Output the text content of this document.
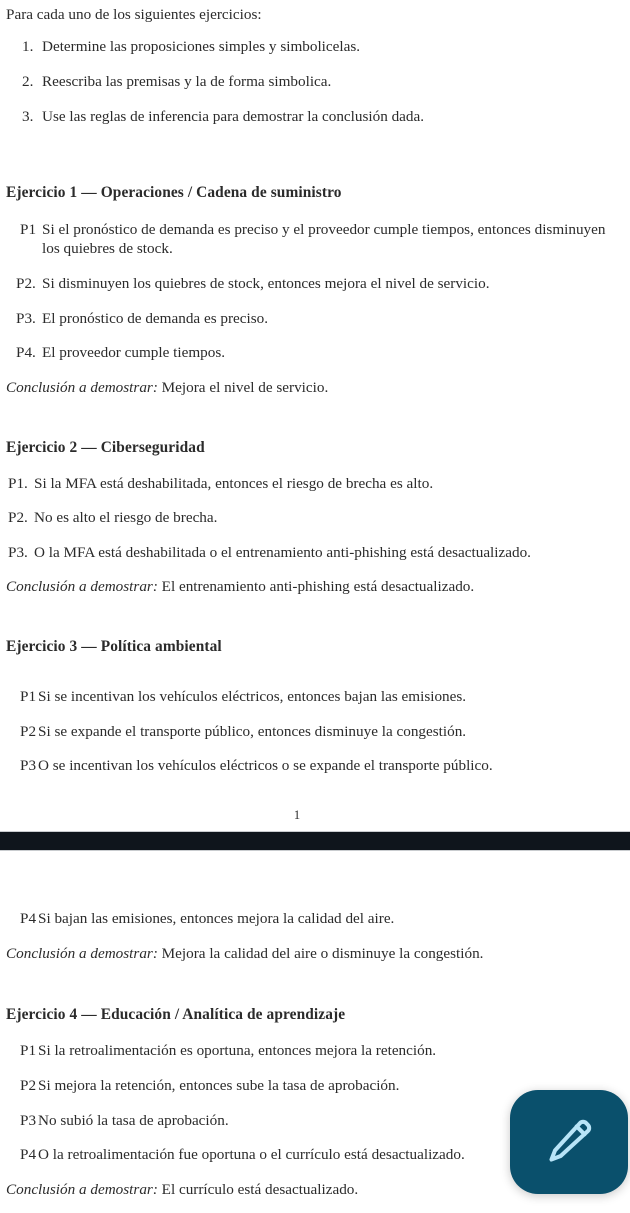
Para cada uno de los siguientes ejercicios:

1. Determine las proposiciones simples y simbolicelas.
2. Reescriba las premisas y la de forma simbolica.
3. Use las reglas de inferencia para demostrar la conclusión dada.
Ejercicio 1 — Operaciones / Cadena de suministro
P1 Si el pronóstico de demanda es preciso y el proveedor cumple tiempos, entonces disminuyen los quiebres de stock.
P2. Si disminuyen los quiebres de stock, entonces mejora el nivel de servicio.
P3. El pronóstico de demanda es preciso.
P4. El proveedor cumple tiempos.

Conclusión a demostrar: Mejora el nivel de servicio.

Ejercicio 2 — Ciberseguridad
P1. Si la MFA está deshabilitada, entonces el riesgo de brecha es alto.
P2. No es alto el riesgo de brecha.
P3. O la MFA está deshabilitada o el entrenamiento anti-phishing está desactualizado.

Conclusión a demostrar: El entrenamiento anti-phishing está desactualizado.

Ejercicio 3 — Política ambiental
P1 Si se incentivan los vehículos eléctricos, entonces bajan las emisiones.
P2 Si se expande el transporte público, entonces disminuye la congestión.
P3 O se incentivan los vehículos eléctricos o se expande el transporte público.
1
P4 Si bajan las emisiones, entonces mejora la calidad del aire.

Conclusión a demostrar: Mejora la calidad del aire o disminuye la congestión.

Ejercicio 4 — Educación / Analítica de aprendizaje
P1 Si la retroalimentación es oportuna, entonces mejora la retención.
P2 Si mejora la retención, entonces sube la tasa de aprobación.
P3 No subió la tasa de aprobación.
P4 O la retroalimentación fue oportuna o el currículo está desactualizado.

Conclusión a demostrar: El currículo está desactualizado.
